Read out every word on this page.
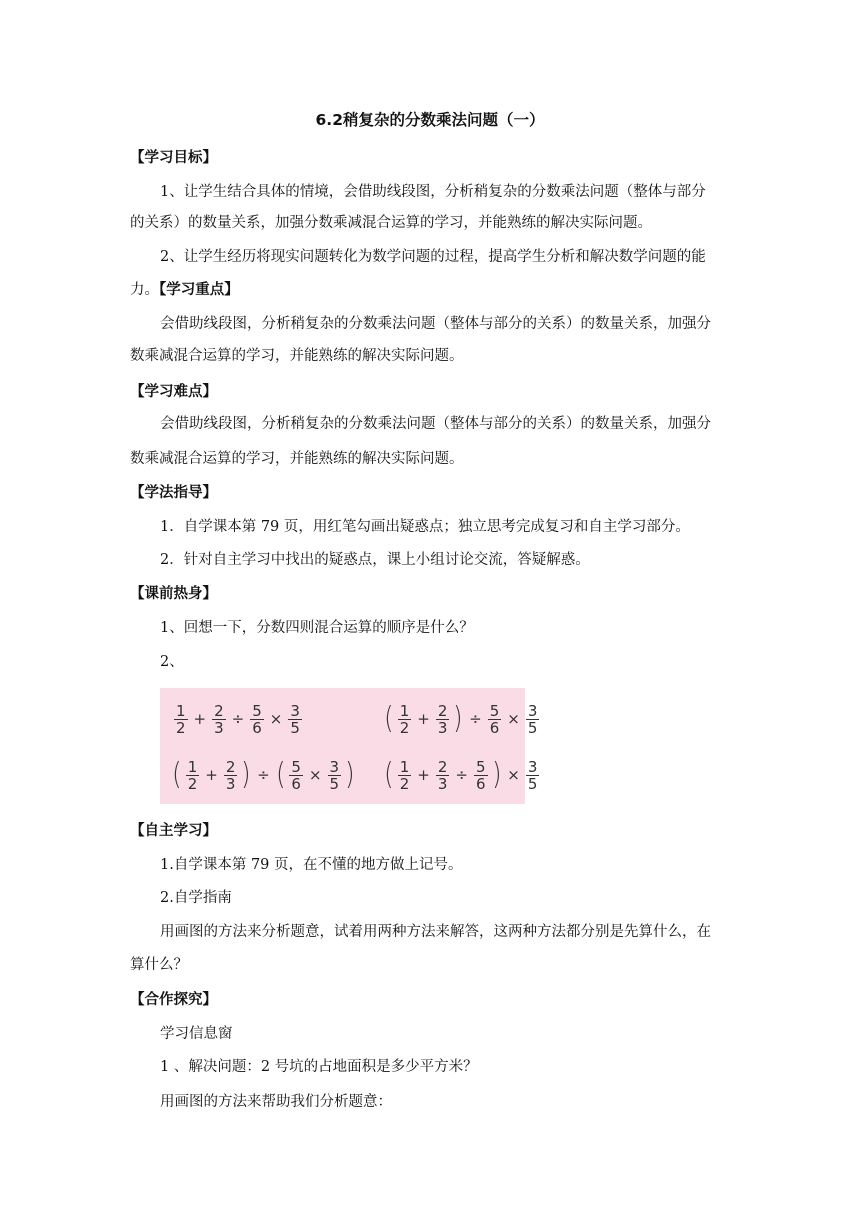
6.2稍复杂的分数乘法问题（一）
【学习目标】
1、让学生结合具体的情境，会借助线段图，分析稍复杂的分数乘法问题（整体与部分
的关系）的数量关系，加强分数乘减混合运算的学习，并能熟练的解决实际问题。
2、让学生经历将现实问题转化为数学问题的过程，提高学生分析和解决数学问题的能
力。【学习重点】
会借助线段图，分析稍复杂的分数乘法问题（整体与部分的关系）的数量关系，加强分
数乘减混合运算的学习，并能熟练的解决实际问题。
【学习难点】
会借助线段图，分析稍复杂的分数乘法问题（整体与部分的关系）的数量关系，加强分
数乘减混合运算的学习，并能熟练的解决实际问题。
【学法指导】
1．自学课本第 79 页，用红笔勾画出疑惑点；独立思考完成复习和自主学习部分。
2．针对自主学习中找出的疑惑点，课上小组讨论交流，答疑解惑。
【课前热身】
1、回想一下，分数四则混合运算的顺序是什么？
2、
$\frac{1}{2} + \frac{2}{3} \div \frac{5}{6} \times \frac{3}{5}$	( $\frac{1}{2} + \frac{2}{3}$ ) ÷ $\frac{5}{6} \times \frac{3}{5}$
( $\frac{1}{2} + \frac{2}{3}$ ) ÷ ( $\frac{5}{6} \times \frac{3}{5}$ ) ( $\frac{1}{2} + \frac{2}{3} \div \frac{5}{6}$ ) × $\frac{3}{5}$
【自主学习】
1.自学课本第 79 页，在不懂的地方做上记号。
2.自学指南
用画图的方法来分析题意，试着用两种方法来解答，这两种方法都分别是先算什么，在
算什么？
【合作探究】
学习信息窗
1 、解决问题：2 号坑的占地面积是多少平方米？
用画图的方法来帮助我们分析题意：
